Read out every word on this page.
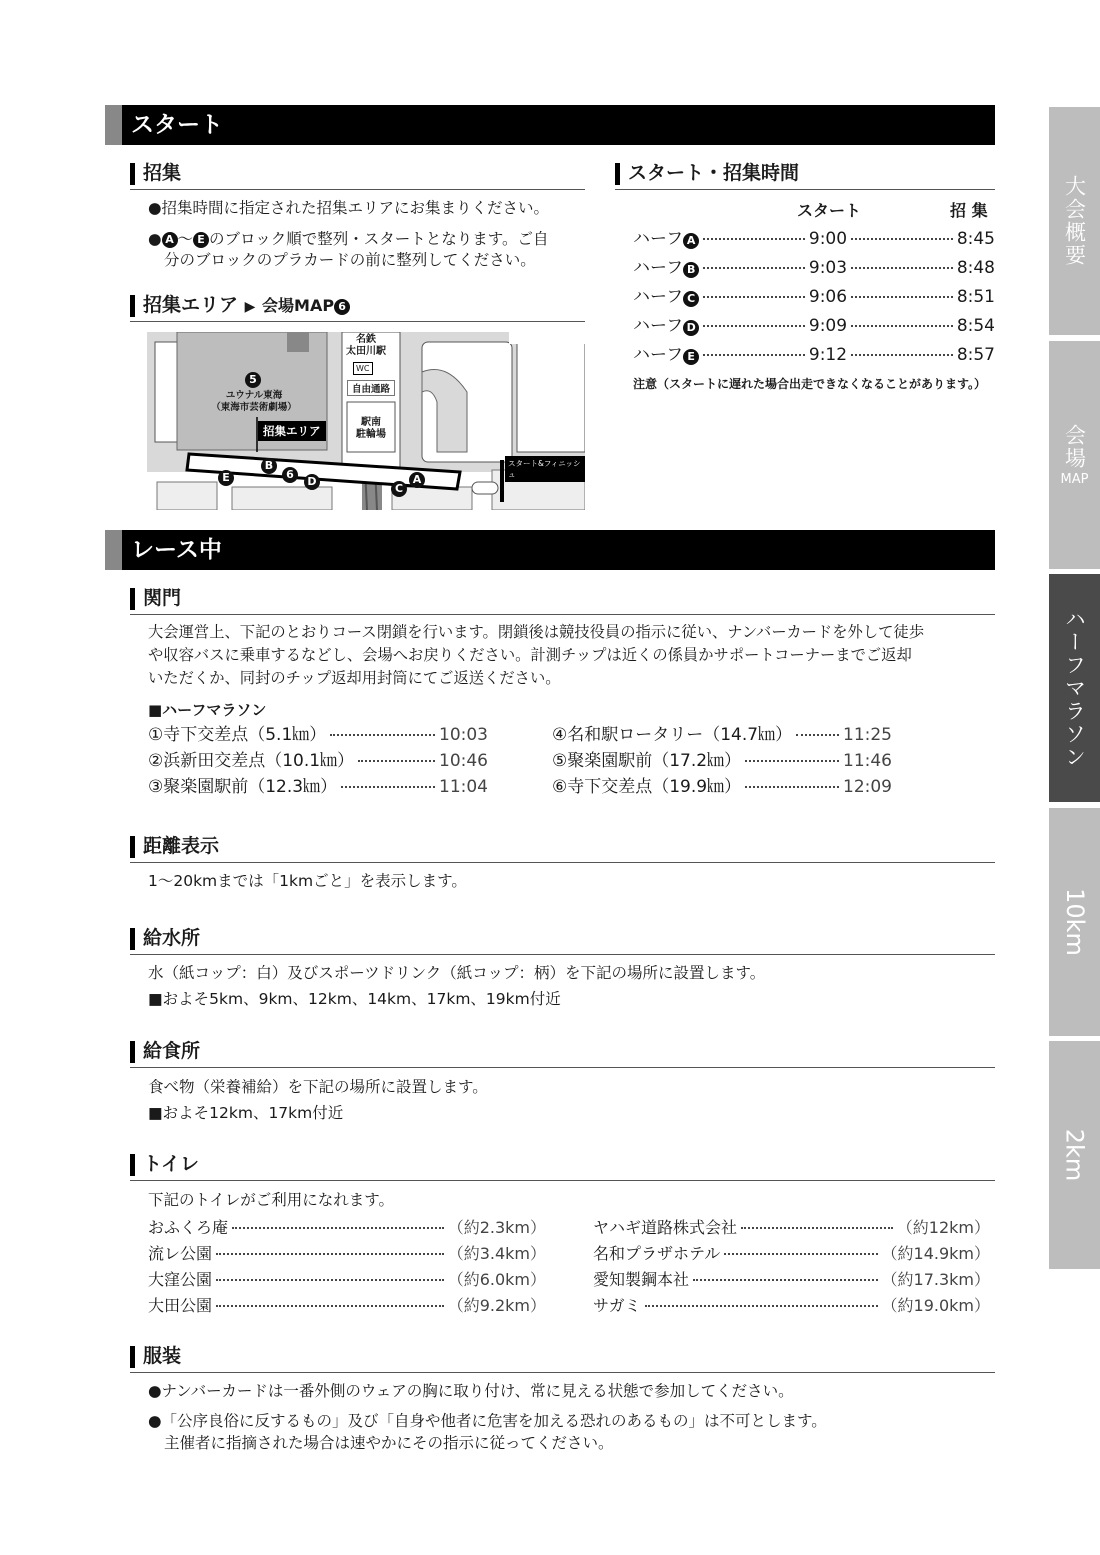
スタート
招集
●招集時間に指定された招集エリアにお集まりください。
● A ～ E のブロック順で整列・スタートとなります。ご自
分のブロックのプラカードの前に整列してください。
招集エリア ▶ 会場MAP 6
名鉄
太田川駅
WC
自由通路
駅南
駐輪場
5
ユウナル東海
（東海市芸術劇場）
招集エリア
スタート&フィニッシュ
E
B
6
D
C
A
スタート・招集時間
スタート	招 集
ハーフ A	9:00	8:45
ハーフ B	9:03	8:48
ハーフ C	9:06	8:51
ハーフ D	9:09	8:54
ハーフ E	9:12	8:57
注意（スタートに遅れた場合出走できなくなることがあります。）
レース中
関門
大会運営上、下記のとおりコース閉鎖を行います。閉鎖後は競技役員の指示に従い、ナンバーカードを外して徒歩
や収容バスに乗車するなどし、会場へお戻りください。計測チップは近くの係員かサポートコーナーまでご返却
いただくか、同封のチップ返却用封筒にてご返送ください。
■ハーフマラソン
①寺下交差点（5.1㎞）	10:03
②浜新田交差点（10.1㎞）	10:46
③聚楽園駅前（12.3㎞）	11:04
④名和駅ロータリー（14.7㎞）	11:25
⑤聚楽園駅前（17.2㎞）	11:46
⑥寺下交差点（19.9㎞）	12:09
距離表示
1～20kmまでは「1kmごと」を表示します。
給水所
水（紙コップ：白）及びスポーツドリンク（紙コップ：柄）を下記の場所に設置します。
■およそ5km、9km、12km、14km、17km、19km付近
給食所
食べ物（栄養補給）を下記の場所に設置します。
■およそ12km、17km付近
トイレ
下記のトイレがご利用になれます。
おふくろ庵	（約2.3km）
流レ公園	（約3.4km）
大窪公園	（約6.0km）
大田公園	（約9.2km）
ヤハギ道路株式会社	（約12km）
名和プラザホテル	（約14.9km）
愛知製鋼本社	（約17.3km）
サガミ	（約19.0km）
服装
●ナンバーカードは一番外側のウェアの胸に取り付け、常に見える状態で参加してください。
●「公序良俗に反するもの」及び「自身や他者に危害を加える恐れのあるもの」は不可とします。
主催者に指摘された場合は速やかにその指示に従ってください。
大会概要
会場
MAP
ハーフマラソン
10km
2km
